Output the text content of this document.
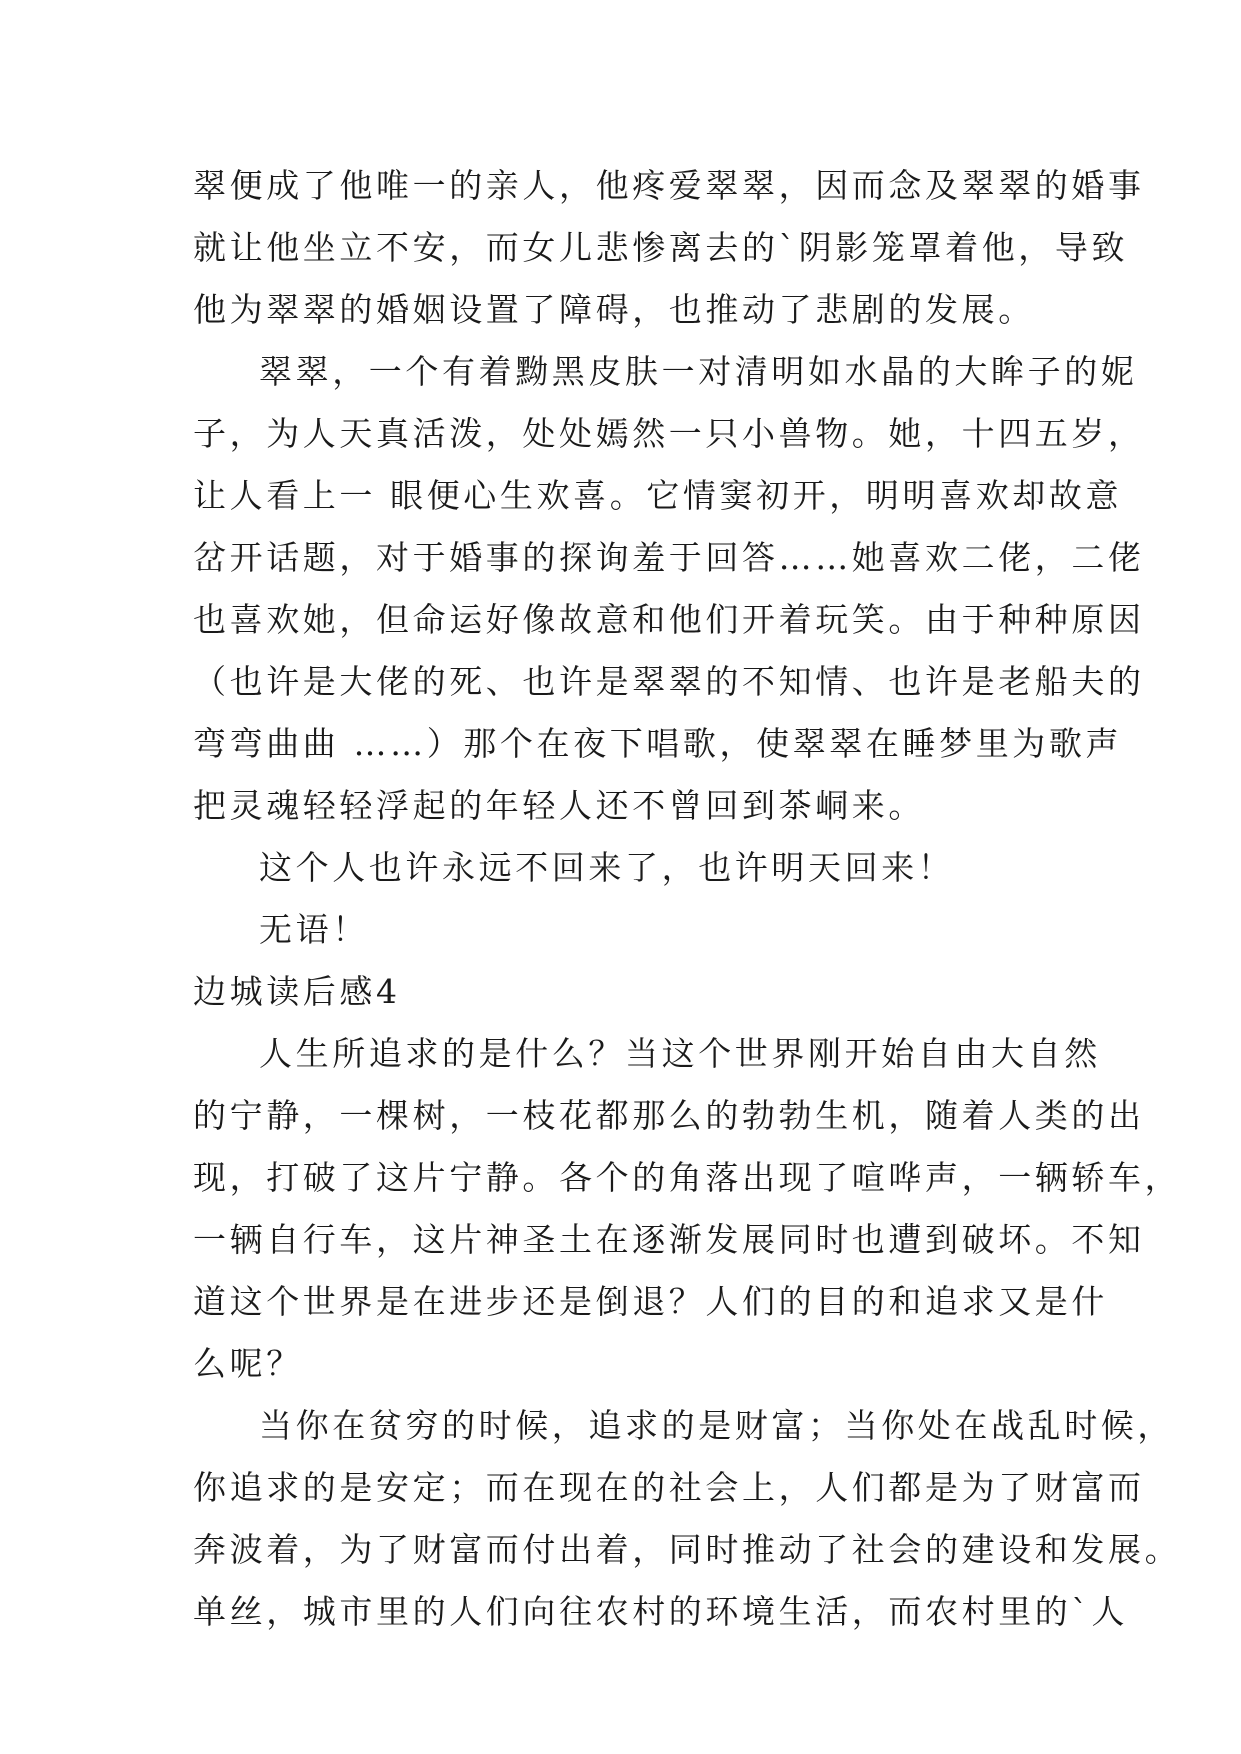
翠便成了他唯一的亲人，他疼爱翠翠，因而念及翠翠的婚事
就让他坐立不安，而女儿悲惨离去的`阴影笼罩着他，导致
他为翠翠的婚姻设置了障碍，也推动了悲剧的发展。
翠翠，一个有着黝黑皮肤一对清明如水晶的大眸子的妮
子，为人天真活泼，处处嫣然一只小兽物。她，十四五岁，
让人看上一 眼便心生欢喜。它情窦初开，明明喜欢却故意
岔开话题，对于婚事的探询羞于回答……她喜欢二佬，二佬
也喜欢她，但命运好像故意和他们开着玩笑。由于种种原因
（也许是大佬的死、也许是翠翠的不知情、也许是老船夫的
弯弯曲曲 ……）那个在夜下唱歌，使翠翠在睡梦里为歌声
把灵魂轻轻浮起的年轻人还不曾回到茶峒来。
这个人也许永远不回来了，也许明天回来！
无语！
边城读后感4
人生所追求的是什么？当这个世界刚开始自由大自然
的宁静，一棵树，一枝花都那么的勃勃生机，随着人类的出
现，打破了这片宁静。各个的角落出现了喧哗声，一辆轿车，
一辆自行车，这片神圣土在逐渐发展同时也遭到破坏。不知
道这个世界是在进步还是倒退？人们的目的和追求又是什
么呢？
当你在贫穷的时候，追求的是财富；当你处在战乱时候，
你追求的是安定；而在现在的社会上，人们都是为了财富而
奔波着，为了财富而付出着，同时推动了社会的建设和发展。
单丝，城市里的人们向往农村的环境生活，而农村里的`人
